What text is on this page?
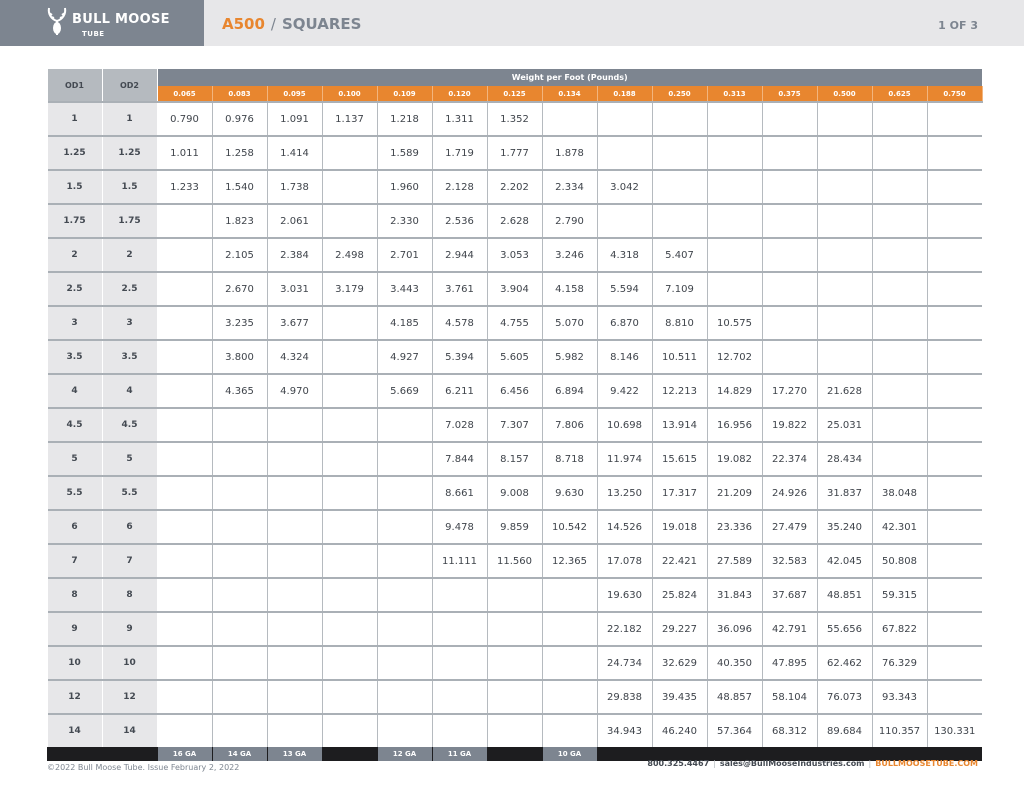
BULL MOOSE
TUBE
A500 / SQUARES	1 OF 3
OD1	OD2	Weight per Foot (Pounds)														
		0.065	0.083	0.095	0.100	0.109	0.120	0.125	0.134	0.188	0.250	0.313	0.375	0.500	0.625	0.750
1	1	0.790	0.976	1.091	1.137	1.218	1.311	1.352								
1.25	1.25	1.011	1.258	1.414		1.589	1.719	1.777	1.878							
1.5	1.5	1.233	1.540	1.738		1.960	2.128	2.202	2.334	3.042						
1.75	1.75		1.823	2.061		2.330	2.536	2.628	2.790							
2	2		2.105	2.384	2.498	2.701	2.944	3.053	3.246	4.318	5.407					
2.5	2.5		2.670	3.031	3.179	3.443	3.761	3.904	4.158	5.594	7.109					
3	3		3.235	3.677		4.185	4.578	4.755	5.070	6.870	8.810	10.575				
3.5	3.5		3.800	4.324		4.927	5.394	5.605	5.982	8.146	10.511	12.702				
4	4		4.365	4.970		5.669	6.211	6.456	6.894	9.422	12.213	14.829	17.270	21.628		
4.5	4.5						7.028	7.307	7.806	10.698	13.914	16.956	19.822	25.031		
5	5						7.844	8.157	8.718	11.974	15.615	19.082	22.374	28.434		
5.5	5.5						8.661	9.008	9.630	13.250	17.317	21.209	24.926	31.837	38.048	
6	6						9.478	9.859	10.542	14.526	19.018	23.336	27.479	35.240	42.301	
7	7						11.111	11.560	12.365	17.078	22.421	27.589	32.583	42.045	50.808	
8	8									19.630	25.824	31.843	37.687	48.851	59.315	
9	9									22.182	29.227	36.096	42.791	55.656	67.822	
10	10									24.734	32.629	40.350	47.895	62.462	76.329	
12	12									29.838	39.435	48.857	58.104	76.073	93.343	
14	14									34.943	46.240	57.364	68.312	89.684	110.357	130.331
		16 GA	14 GA	13 GA		12 GA	11 GA		10 GA							
©2022 Bull Moose Tube. Issue February 2, 2022	800.325.4467 | sales@BullMooseIndustries.com | BULLMOOSETUBE.COM
